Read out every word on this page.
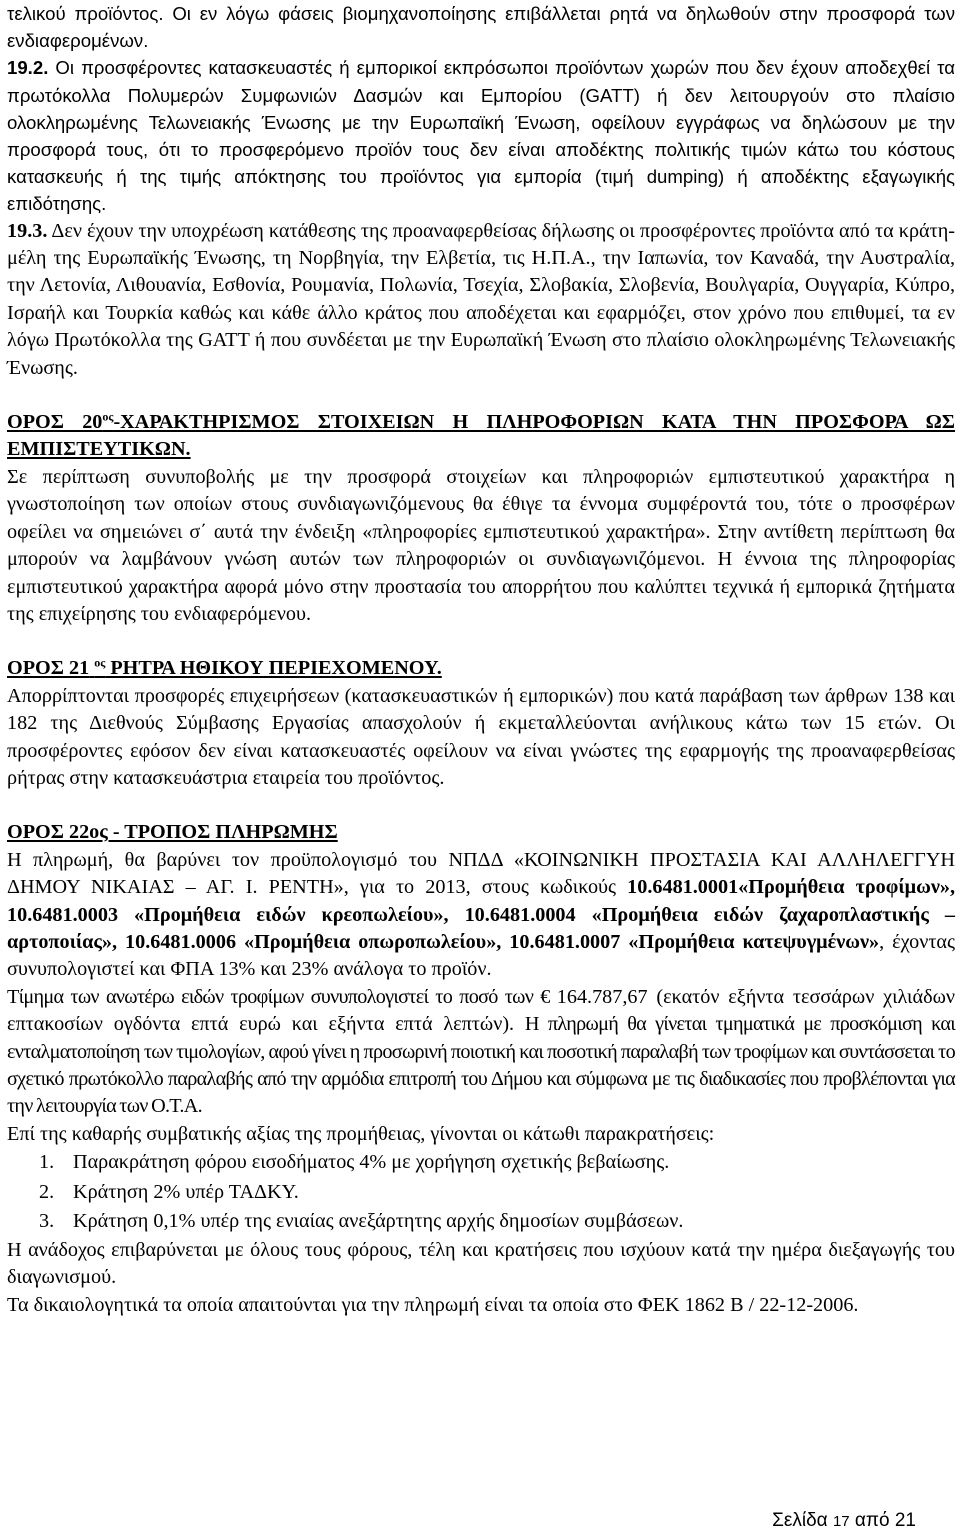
τελικού προϊόντος. Οι εν λόγω φάσεις βιομηχανοποίησης επιβάλλεται ρητά να δηλωθούν στην προσφορά των ενδιαφερομένων.

19.2. Οι προσφέροντες κατασκευαστές ή εμπορικοί εκπρόσωποι προϊόντων χωρών που δεν έχουν αποδεχθεί τα πρωτόκολλα Πολυμερών Συμφωνιών Δασμών και Εμπορίου (GATT) ή δεν λειτουργούν στο πλαίσιο ολοκληρωμένης Τελωνειακής Ένωσης με την Ευρωπαϊκή Ένωση, οφείλουν εγγράφως να δηλώσουν με την προσφορά τους, ότι το προσφερόμενο προϊόν τους δεν είναι αποδέκτης πολιτικής τιμών κάτω του κόστους κατασκευής ή της τιμής απόκτησης του προϊόντος για εμπορία (τιμή dumping) ή αποδέκτης εξαγωγικής επιδότησης.

19.3. Δεν έχουν την υποχρέωση κατάθεσης της προαναφερθείσας δήλωσης οι προσφέροντες προϊόντα από τα κράτη-μέλη της Ευρωπαϊκής Ένωσης, τη Νορβηγία, την Ελβετία, τις Η.Π.Α., την Ιαπωνία, τον Καναδά, την Αυστραλία, την Λετονία, Λιθουανία, Εσθονία, Ρουμανία, Πολωνία, Τσεχία, Σλοβακία, Σλοβενία, Βουλγαρία, Ουγγαρία, Κύπρο, Ισραήλ και Τουρκία καθώς και κάθε άλλο κράτος που αποδέχεται και εφαρμόζει, στον χρόνο που επιθυμεί, τα εν λόγω Πρωτόκολλα της GATT ή που συνδέεται με την Ευρωπαϊκή Ένωση στο πλαίσιο ολοκληρωμένης Τελωνειακής Ένωσης.

ΟΡΟΣ $20^{o\varsigma}$-ΧΑΡΑΚΤΗΡΙΣΜΟΣ ΣΤΟΙΧΕΙΩΝ Η ΠΛΗΡΟΦΟΡΙΩΝ ΚΑΤΑ ΤΗΝ ΠΡΟΣΦΟΡΑ ΩΣ ΕΜΠΙΣΤΕΥΤΙΚΩΝ.

Σε περίπτωση συνυποβολής με την προσφορά στοιχείων και πληροφοριών εμπιστευτικού χαρακτήρα η γνωστοποίηση των οποίων στους συνδιαγωνιζόμενους θα έθιγε τα έννομα συμφέροντά του, τότε ο προσφέρων οφείλει να σημειώνει σ΄ αυτά την ένδειξη «πληροφορίες εμπιστευτικού χαρακτήρα». Στην αντίθετη περίπτωση θα μπορούν να λαμβάνουν γνώση αυτών των πληροφοριών οι συνδιαγωνιζόμενοι. Η έννοια της πληροφορίας εμπιστευτικού χαρακτήρα αφορά μόνο στην προστασία του απορρήτου που καλύπτει τεχνικά ή εμπορικά ζητήματα της επιχείρησης του ενδιαφερόμενου.

ΟΡΟΣ 21 $^{o\varsigma}$ ΡΗΤΡΑ ΗΘΙΚΟΥ ΠΕΡΙΕΧΟΜΕΝΟΥ.

Απορρίπτονται προσφορές επιχειρήσεων (κατασκευαστικών ή εμπορικών) που κατά παράβαση των άρθρων 138 και 182 της Διεθνούς Σύμβασης Εργασίας απασχολούν ή εκμεταλλεύονται ανήλικους κάτω των 15 ετών. Οι προσφέροντες εφόσον δεν είναι κατασκευαστές οφείλουν να είναι γνώστες της εφαρμογής της προαναφερθείσας ρήτρας στην κατασκευάστρια εταιρεία του προϊόντος.

ΟΡΟΣ 22ος - ΤΡΟΠΟΣ ΠΛΗΡΩΜΗΣ

Η πληρωμή, θα βαρύνει τον προϋπολογισμό του ΝΠΔΔ «ΚΟΙΝΩΝΙΚΗ ΠΡΟΣΤΑΣΙΑ ΚΑΙ ΑΛΛΗΛΕΓΓΥΗ ΔΗΜΟΥ ΝΙΚΑΙΑΣ – ΑΓ. Ι. ΡΕΝΤΗ», για το 2013, στους κωδικούς 10.6481.0001«Προμήθεια τροφίμων», 10.6481.0003 «Προμήθεια ειδών κρεοπωλείου», 10.6481.0004 «Προμήθεια ειδών ζαχαροπλαστικής – αρτοποιίας», 10.6481.0006 «Προμήθεια οπωροπωλείου», 10.6481.0007 «Προμήθεια κατεψυγμένων», έχοντας συνυπολογιστεί και ΦΠΑ 13% και 23% ανάλογα το προϊόν.

Τίμημα των ανωτέρω ειδών τροφίμων συνυπολογιστεί το ποσό των € 164.787,67 (εκατόν εξήντα τεσσάρων χιλιάδων επτακοσίων ογδόντα επτά ευρώ και εξήντα επτά λεπτών). Η πληρωμή θα γίνεται τμηματικά με προσκόμιση και ενταλματοποίηση των τιμολογίων, αφού γίνει η προσωρινή ποιοτική και ποσοτική παραλαβή των τροφίμων και συντάσσεται το σχετικό πρωτόκολλο παραλαβής από την αρμόδια επιτροπή του Δήμου και σύμφωνα με τις διαδικασίες που προβλέπονται για την λειτουργία των Ο.Τ.Α.

Επί της καθαρής συμβατικής αξίας της προμήθειας, γίνονται οι κάτωθι παρακρατήσεις:

1. Παρακράτηση φόρου εισοδήματος 4% με χορήγηση σχετικής βεβαίωσης.
2. Κράτηση 2% υπέρ ΤΑΔΚΥ.
3. Κράτηση 0,1% υπέρ της ενιαίας ανεξάρτητης αρχής δημοσίων συμβάσεων.

Η ανάδοχος επιβαρύνεται με όλους τους φόρους, τέλη και κρατήσεις που ισχύουν κατά την ημέρα διεξαγωγής του διαγωνισμού.

Τα δικαιολογητικά τα οποία απαιτούνται για την πληρωμή είναι τα οποία στο ΦΕΚ 1862 Β / 22-12-2006.

Σελίδα 17 από 21
